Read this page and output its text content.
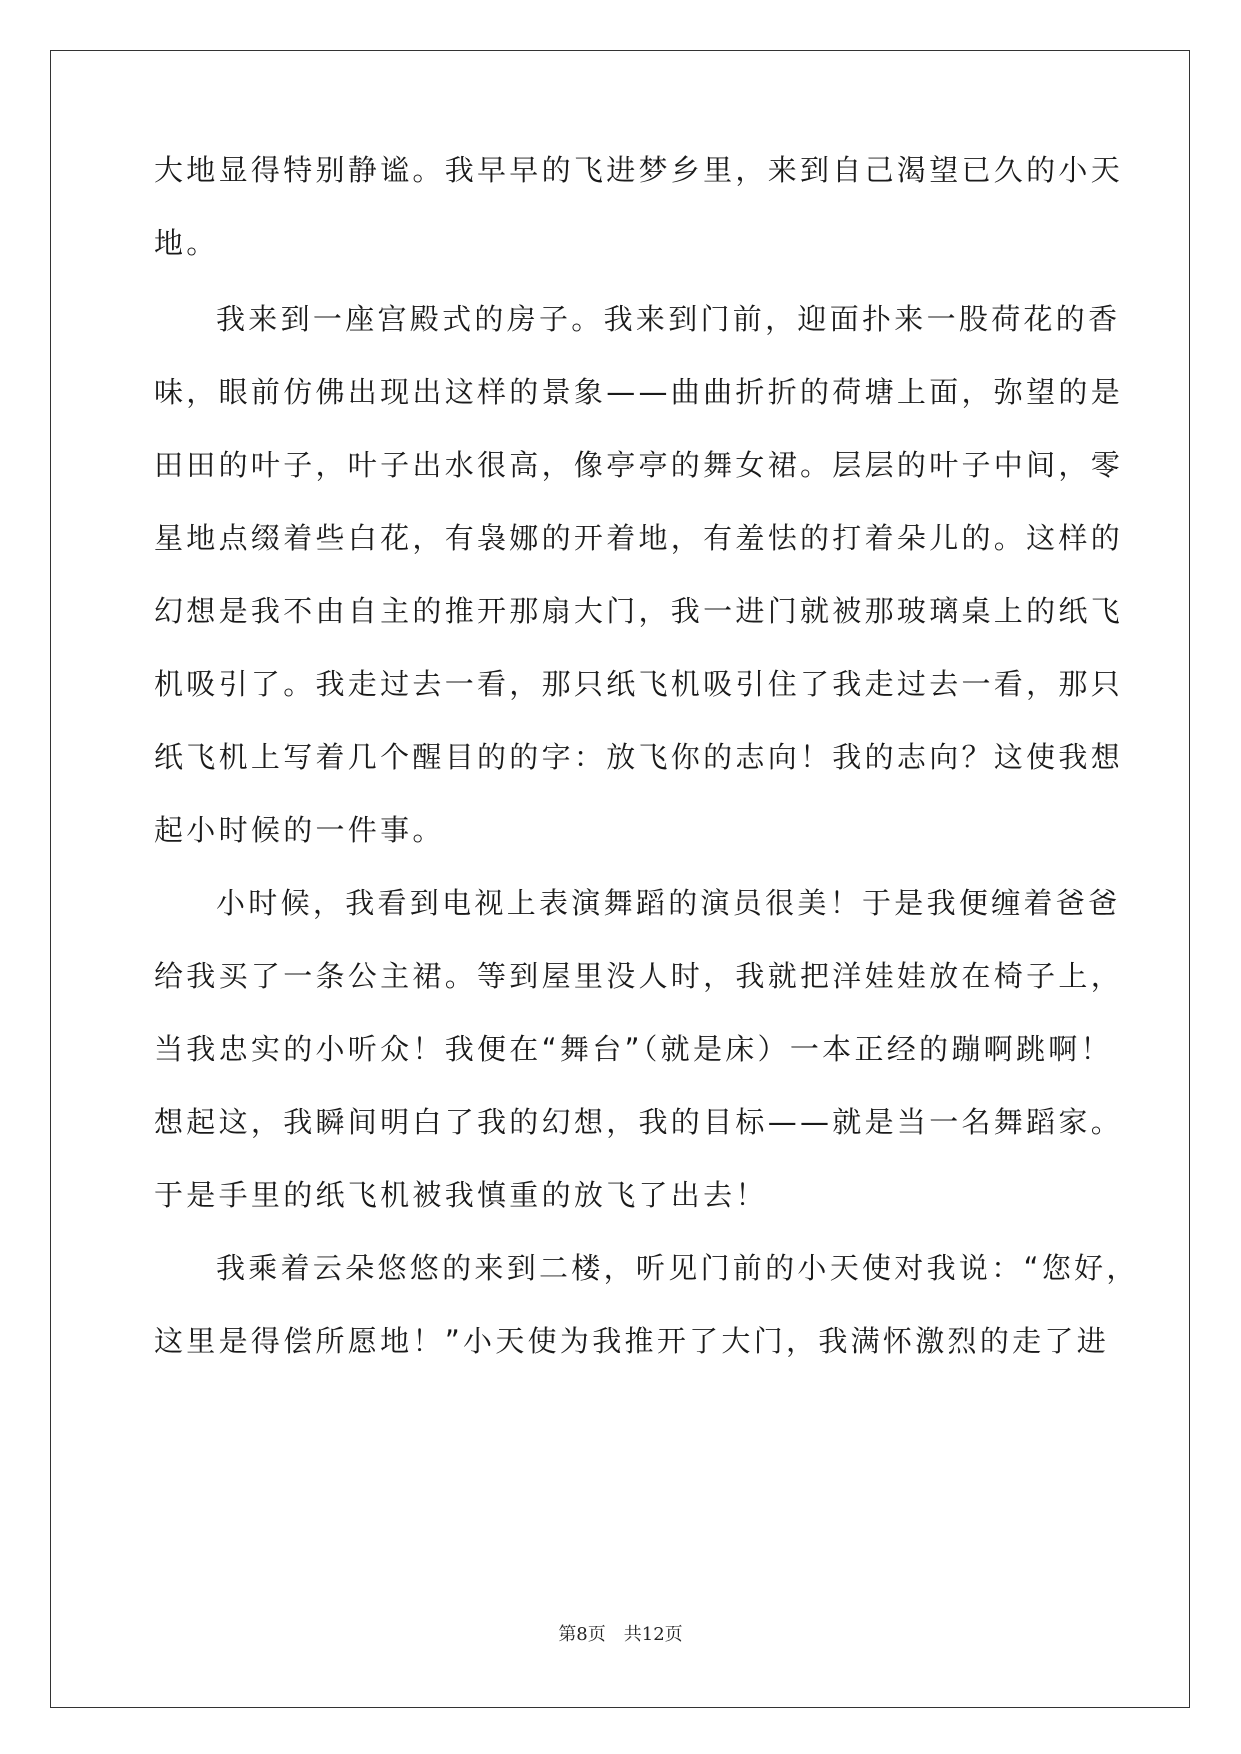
大地显得特别静谧。我早早的飞进梦乡里，来到自己渴望已久的小天
地。
我来到一座宫殿式的房子。我来到门前，迎面扑来一股荷花的香
味，眼前仿佛出现出这样的景象——曲曲折折的荷塘上面，弥望的是
田田的叶子，叶子出水很高，像亭亭的舞女裙。层层的叶子中间，零
星地点缀着些白花，有袅娜的开着地，有羞怯的打着朵儿的。这样的
幻想是我不由自主的推开那扇大门，我一进门就被那玻璃桌上的纸飞
机吸引了。我走过去一看，那只纸飞机吸引住了我走过去一看，那只
纸飞机上写着几个醒目的的字：放飞你的志向！我的志向？这使我想
起小时候的一件事。
小时候，我看到电视上表演舞蹈的演员很美！于是我便缠着爸爸
给我买了一条公主裙。等到屋里没人时，我就把洋娃娃放在椅子上，
当我忠实的小听众！我便在“舞台”（就是床）一本正经的蹦啊跳啊！
想起这，我瞬间明白了我的幻想，我的目标——就是当一名舞蹈家。
于是手里的纸飞机被我慎重的放飞了出去！
我乘着云朵悠悠的来到二楼，听见门前的小天使对我说：“您好，
这里是得偿所愿地！”小天使为我推开了大门，我满怀激烈的走了进
第8页　共12页
